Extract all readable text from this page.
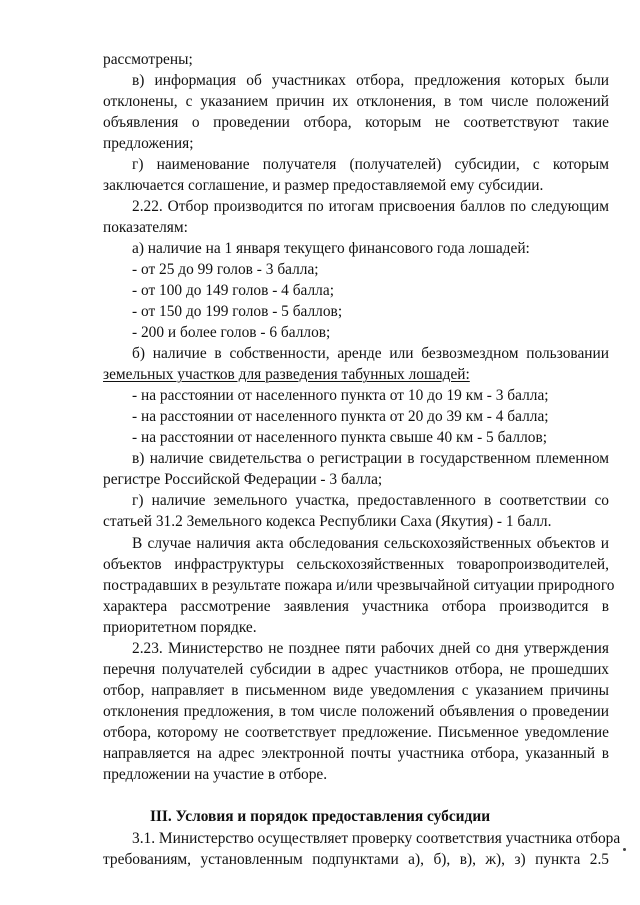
рассмотрены;
в) информация об участниках отбора, предложения которых были
отклонены, с указанием причин их отклонения, в том числе положений
объявления о проведении отбора, которым не соответствуют такие
предложения;
г) наименование получателя (получателей) субсидии, с которым
заключается соглашение, и размер предоставляемой ему субсидии.
2.22. Отбор производится по итогам присвоения баллов по следующим
показателям:
а) наличие на 1 января текущего финансового года лошадей:
- от 25 до 99 голов - 3 балла;
- от 100 до 149 голов - 4 балла;
- от 150 до 199 голов - 5 баллов;
- 200 и более голов - 6 баллов;
б) наличие в собственности, аренде или безвозмездном пользовании
земельных участков для разведения табунных лошадей:
- на расстоянии от населенного пункта от 10 до 19 км - 3 балла;
- на расстоянии от населенного пункта от 20 до 39 км - 4 балла;
- на расстоянии от населенного пункта свыше 40 км - 5 баллов;
в) наличие свидетельства о регистрации в государственном племенном
регистре Российской Федерации - 3 балла;
г) наличие земельного участка, предоставленного в соответствии со
статьей 31.2 Земельного кодекса Республики Саха (Якутия) - 1 балл.
В случае наличия акта обследования сельскохозяйственных объектов и
объектов инфраструктуры сельскохозяйственных товаропроизводителей,
пострадавших в результате пожара и/или чрезвычайной ситуации природного
характера рассмотрение заявления участника отбора производится в
приоритетном порядке.
2.23. Министерство не позднее пяти рабочих дней со дня утверждения
перечня получателей субсидии в адрес участников отбора, не прошедших
отбор, направляет в письменном виде уведомления с указанием причины
отклонения предложения, в том числе положений объявления о проведении
отбора, которому не соответствует предложение. Письменное уведомление
направляется на адрес электронной почты участника отбора, указанный в
предложении на участие в отборе.
III. Условия и порядок предоставления субсидии
3.1. Министерство осуществляет проверку соответствия участника отбора
требованиям, установленным подпунктами а), б), в), ж), з) пункта 2.5
